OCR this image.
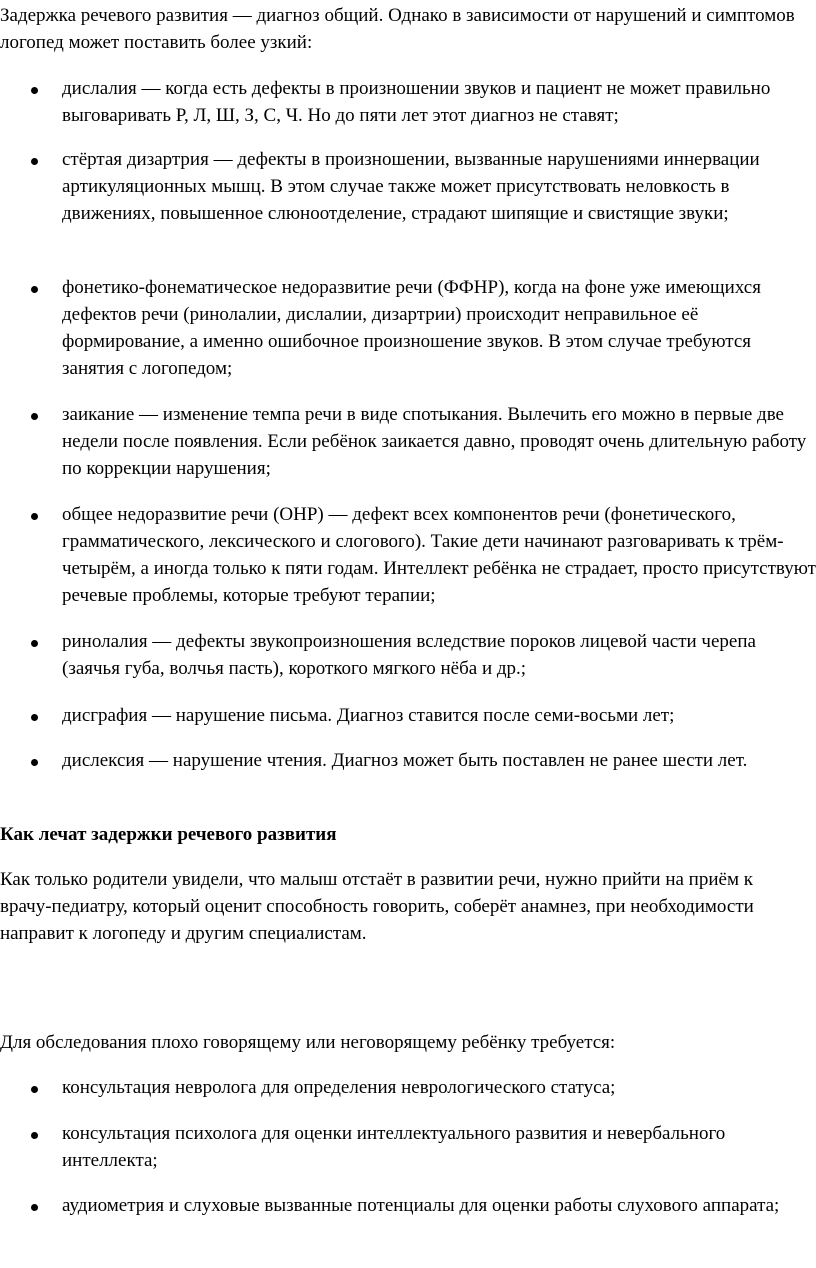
Задержка речевого развития — диагноз общий. Однако в зависимости от нарушений и симптомов логопед может поставить более узкий:

дислалия — когда есть дефекты в произношении звуков и пациент не может правильно выговаривать Р, Л, Ш, З, С, Ч. Но до пяти лет этот диагноз не ставят;
стёртая дизартрия — дефекты в произношении, вызванные нарушениями иннервации артикуляционных мышц. В этом случае также может присутствовать неловкость в движениях, повышенное слюноотделение, страдают шипящие и свистящие звуки;
фонетико-фонематическое недоразвитие речи (ФФНР), когда на фоне уже имеющихся дефектов речи (ринолалии, дислалии, дизартрии) происходит неправильное её формирование, а именно ошибочное произношение звуков. В этом случае требуются занятия с логопедом;
заикание — изменение темпа речи в виде спотыкания. Вылечить его можно в первые две недели после появления. Если ребёнок заикается давно, проводят очень длительную работу по коррекции нарушения;
общее недоразвитие речи (ОНР) — дефект всех компонентов речи (фонетического, грамматического, лексического и слогового). Такие дети начинают разговаривать к трём-четырём, а иногда только к пяти годам. Интеллект ребёнка не страдает, просто присутствуют речевые проблемы, которые требуют терапии;
ринолалия — дефекты звукопроизношения вследствие пороков лицевой части черепа (заячья губа, волчья пасть), короткого мягкого нёба и др.;
дисграфия — нарушение письма. Диагноз ставится после семи-восьми лет;
дислексия — нарушение чтения. Диагноз может быть поставлен не ранее шести лет.

Как лечат задержки речевого развития

Как только родители увидели, что малыш отстаёт в развитии речи, нужно прийти на приём к врачу-педиатру, который оценит способность говорить, соберёт анамнез, при необходимости направит к логопеду и другим специалистам.

Для обследования плохо говорящему или неговорящему ребёнку требуется:

консультация невролога для определения неврологического статуса;
консультация психолога для оценки интеллектуального развития и невербального интеллекта;
аудиометрия и слуховые вызванные потенциалы для оценки работы слухового аппарата;
